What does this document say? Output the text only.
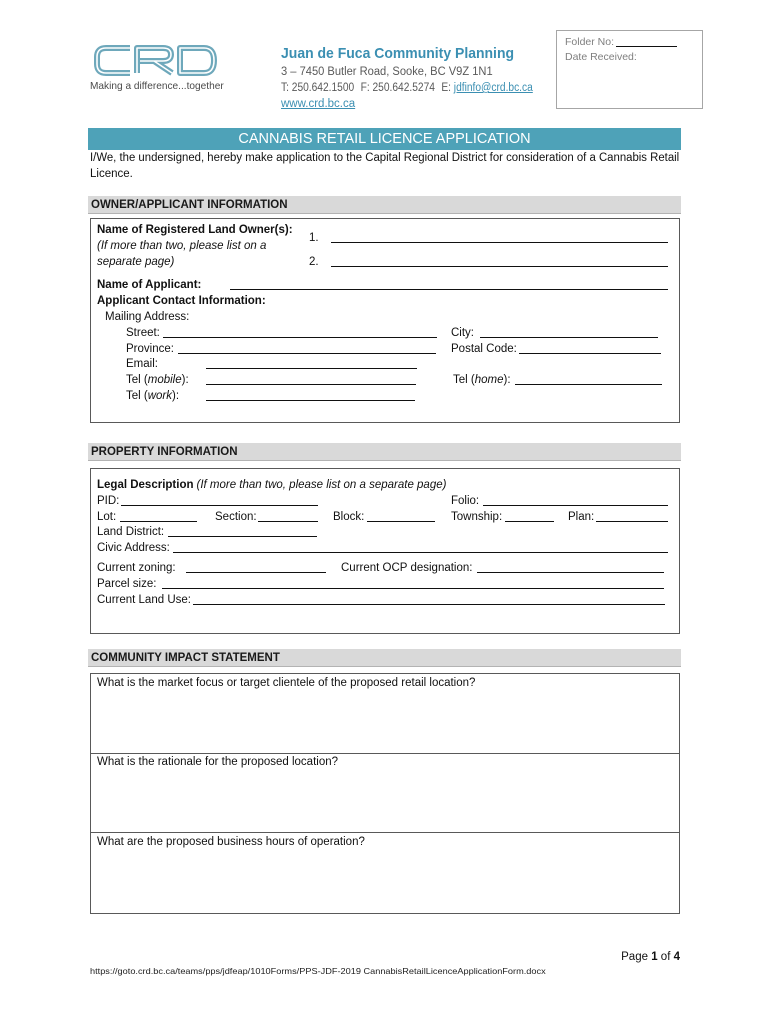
Making a difference...together
Juan de Fuca Community Planning
3 – 7450 Butler Road, Sooke, BC V9Z 1N1
T: 250.642.1500 F: 250.642.5274 E: jdfinfo@crd.bc.ca
www.crd.bc.ca
Folder No:
Date Received:
CANNABIS RETAIL LICENCE APPLICATION
I/We, the undersigned, hereby make application to the Capital Regional District for consideration of a Cannabis Retail
Licence.
OWNER/APPLICANT INFORMATION
Name of Registered Land Owner(s):
(If more than two, please list on a
separate page)
1.
2.
Name of Applicant:
Applicant Contact Information:
Mailing Address:
Street:	City:
Province:	Postal Code:
Email:
Tel (mobile):	Tel (home):
Tel (work):
PROPERTY INFORMATION
Legal Description (If more than two, please list on a separate page)
PID:	Folio:
Lot:	Section:	Block:	Township:	Plan:
Land District:
Civic Address:
Current zoning:	Current OCP designation:
Parcel size:
Current Land Use:
COMMUNITY IMPACT STATEMENT
What is the market focus or target clientele of the proposed retail location?
What is the rationale for the proposed location?
What are the proposed business hours of operation?
Page 1 of 4
https://goto.crd.bc.ca/teams/pps/jdfeap/1010Forms/PPS-JDF-2019 CannabisRetailLicenceApplicationForm.docx
